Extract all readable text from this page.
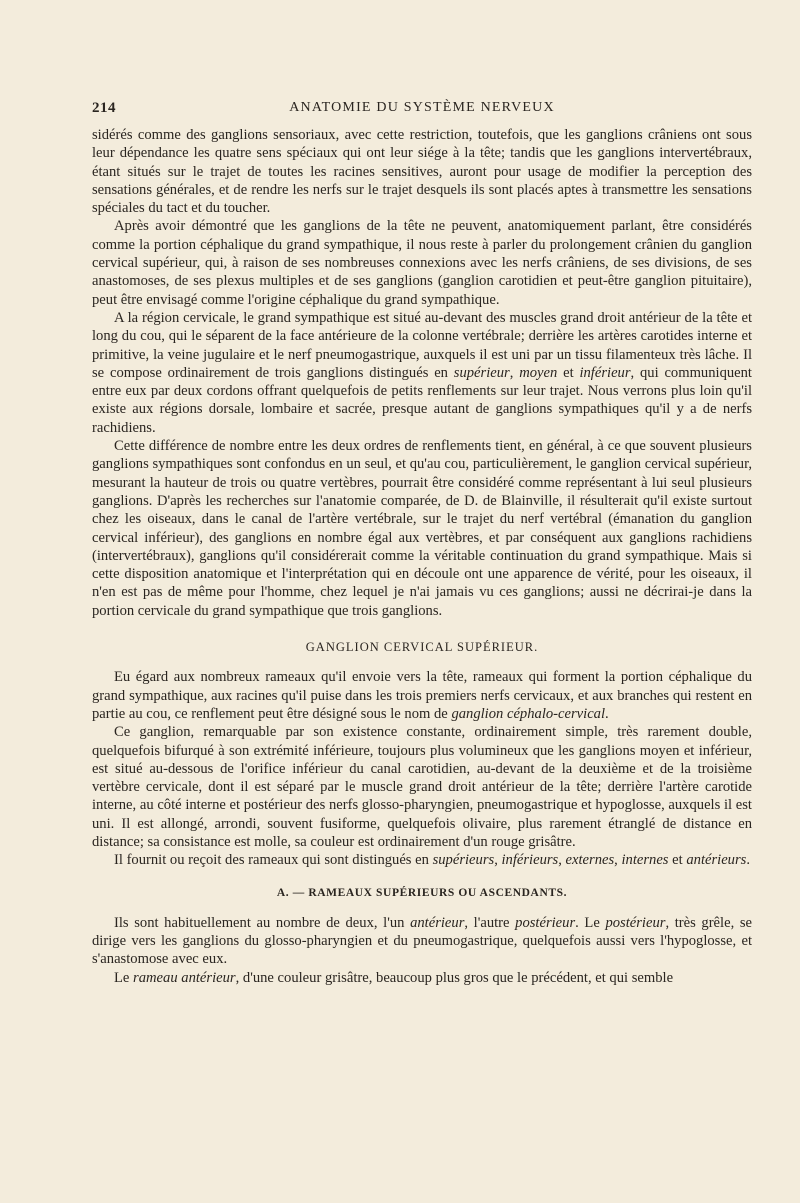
214	ANATOMIE DU SYSTÈME NERVEUX

sidérés comme des ganglions sensoriaux, avec cette restriction, toutefois, que les ganglions crâniens ont sous leur dépendance les quatre sens spéciaux qui ont leur siége à la tête; tandis que les ganglions intervertébraux, étant situés sur le trajet de toutes les racines sensitives, auront pour usage de modifier la perception des sensations générales, et de rendre les nerfs sur le trajet desquels ils sont placés aptes à transmettre les sensations spéciales du tact et du toucher.

Après avoir démontré que les ganglions de la tête ne peuvent, anatomiquement parlant, être considérés comme la portion céphalique du grand sympathique, il nous reste à parler du prolongement crânien du ganglion cervical supérieur, qui, à raison de ses nombreuses connexions avec les nerfs crâniens, de ses divisions, de ses anastomoses, de ses plexus multiples et de ses ganglions (ganglion carotidien et peut-être ganglion pituitaire), peut être envisagé comme l'origine céphalique du grand sympathique.

A la région cervicale, le grand sympathique est situé au-devant des muscles grand droit antérieur de la tête et long du cou, qui le séparent de la face antérieure de la colonne vertébrale; derrière les artères carotides interne et primitive, la veine jugulaire et le nerf pneumogastrique, auxquels il est uni par un tissu filamenteux très lâche. Il se compose ordinairement de trois ganglions distingués en supérieur, moyen et inférieur, qui communiquent entre eux par deux cordons offrant quelquefois de petits renflements sur leur trajet. Nous verrons plus loin qu'il existe aux régions dorsale, lombaire et sacrée, presque autant de ganglions sympathiques qu'il y a de nerfs rachidiens.

Cette différence de nombre entre les deux ordres de renflements tient, en général, à ce que souvent plusieurs ganglions sympathiques sont confondus en un seul, et qu'au cou, particulièrement, le ganglion cervical supérieur, mesurant la hauteur de trois ou quatre vertèbres, pourrait être considéré comme représentant à lui seul plusieurs ganglions. D'après les recherches sur l'anatomie comparée, de D. de Blainville, il résulterait qu'il existe surtout chez les oiseaux, dans le canal de l'artère vertébrale, sur le trajet du nerf vertébral (émanation du ganglion cervical inférieur), des ganglions en nombre égal aux vertèbres, et par conséquent aux ganglions rachidiens (intervertébraux), ganglions qu'il considérerait comme la véritable continuation du grand sympathique. Mais si cette disposition anatomique et l'interprétation qui en découle ont une apparence de vérité, pour les oiseaux, il n'en est pas de même pour l'homme, chez lequel je n'ai jamais vu ces ganglions; aussi ne décrirai-je dans la portion cervicale du grand sympathique que trois ganglions.

GANGLION CERVICAL SUPÉRIEUR.

Eu égard aux nombreux rameaux qu'il envoie vers la tête, rameaux qui forment la portion céphalique du grand sympathique, aux racines qu'il puise dans les trois premiers nerfs cervicaux, et aux branches qui restent en partie au cou, ce renflement peut être désigné sous le nom de ganglion céphalo-cervical.

Ce ganglion, remarquable par son existence constante, ordinairement simple, très rarement double, quelquefois bifurqué à son extrémité inférieure, toujours plus volumineux que les ganglions moyen et inférieur, est situé au-dessous de l'orifice inférieur du canal carotidien, au-devant de la deuxième et de la troisième vertèbre cervicale, dont il est séparé par le muscle grand droit antérieur de la tête; derrière l'artère carotide interne, au côté interne et postérieur des nerfs glosso-pharyngien, pneumogastrique et hypoglosse, auxquels il est uni. Il est allongé, arrondi, souvent fusiforme, quelquefois olivaire, plus rarement étranglé de distance en distance; sa consistance est molle, sa couleur est ordinairement d'un rouge grisâtre.

Il fournit ou reçoit des rameaux qui sont distingués en supérieurs, inférieurs, externes, internes et antérieurs.

A. — RAMEAUX SUPÉRIEURS OU ASCENDANTS.

Ils sont habituellement au nombre de deux, l'un antérieur, l'autre postérieur. Le postérieur, très grêle, se dirige vers les ganglions du glosso-pharyngien et du pneumogastrique, quelquefois aussi vers l'hypoglosse, et s'anastomose avec eux.

Le rameau antérieur, d'une couleur grisâtre, beaucoup plus gros que le précédent, et qui semble
